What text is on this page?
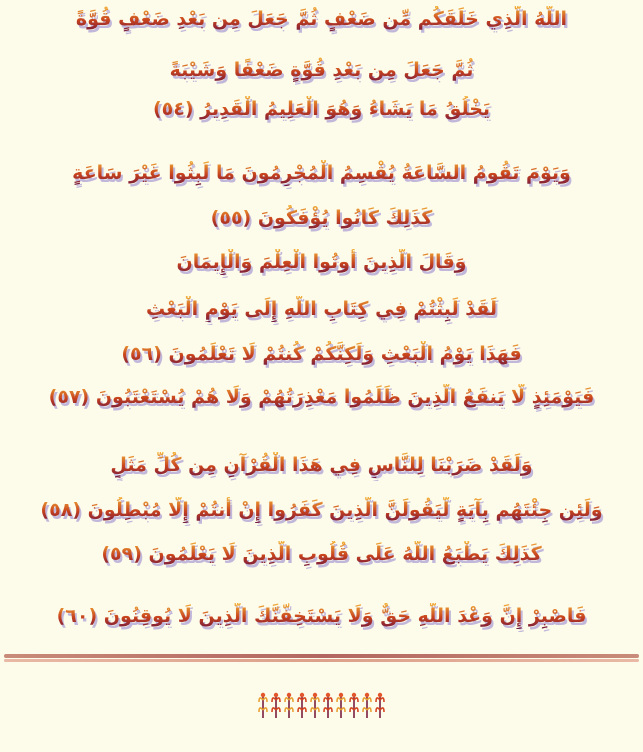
اللَّهُ الَّذِي خَلَقَكُم مِّن ضَعْفٍ ثُمَّ جَعَلَ مِن بَعْدِ ضَعْفٍ قُوَّةً
ثُمَّ جَعَلَ مِن بَعْدِ قُوَّةٍ ضَعْفًا وَشَيْبَةً
يَخْلُقُ مَا يَشَاءُ وَهُوَ الْعَلِيمُ الْقَدِيرُ (٥٤)
وَيَوْمَ تَقُومُ السَّاعَةُ يُقْسِمُ الْمُجْرِمُونَ مَا لَبِثُوا غَيْرَ سَاعَةٍ
كَذَلِكَ كَانُوا يُؤْفَكُونَ (٥٥)
وَقَالَ الَّذِينَ أُوتُوا الْعِلْمَ وَالْإِيمَانَ
لَقَدْ لَبِثْتُمْ فِي كِتَابِ اللَّهِ إِلَى يَوْمِ الْبَعْثِ
فَهَذَا يَوْمُ الْبَعْثِ وَلَكِنَّكُمْ كُنتُمْ لَا تَعْلَمُونَ (٥٦)
فَيَوْمَئِذٍ لَّا يَنفَعُ الَّذِينَ ظَلَمُوا مَعْذِرَتُهُمْ وَلَا هُمْ يُسْتَعْتَبُونَ (٥٧)
وَلَقَدْ ضَرَبْنَا لِلنَّاسِ فِي هَذَا الْقُرْآنِ مِن كُلِّ مَثَلٍ
وَلَئِن جِئْتَهُم بِآيَةٍ لَّيَقُولَنَّ الَّذِينَ كَفَرُوا إِنْ أَنتُمْ إِلَّا مُبْطِلُونَ (٥٨)
كَذَلِكَ يَطْبَعُ اللَّهُ عَلَى قُلُوبِ الَّذِينَ لَا يَعْلَمُونَ (٥٩)
فَاصْبِرْ إِنَّ وَعْدَ اللَّهِ حَقٌّ وَلَا يَسْتَخِفَّنَّكَ الَّذِينَ لَا يُوقِنُونَ (٦٠)
